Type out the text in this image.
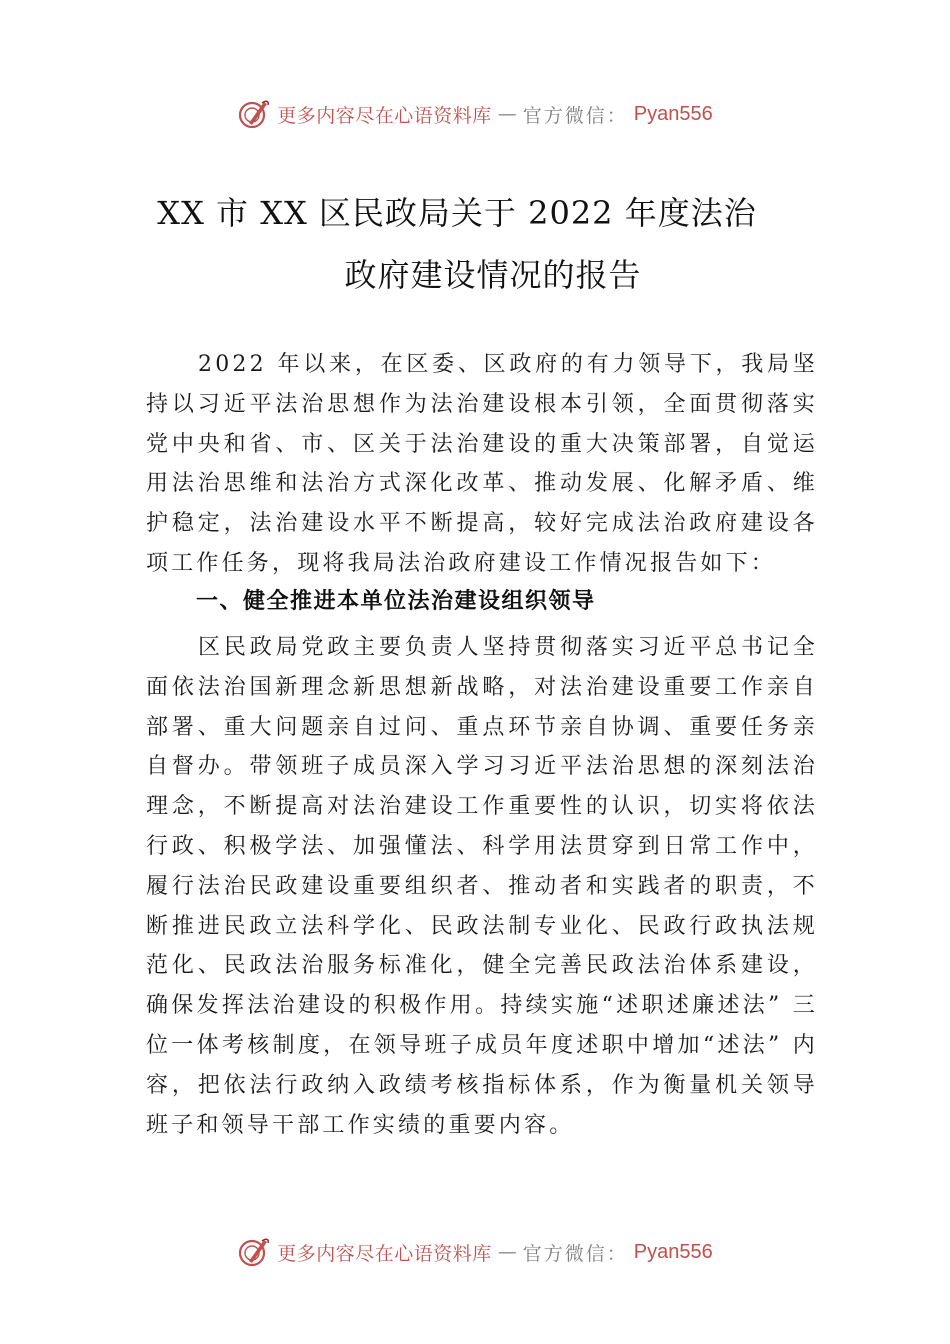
更多内容尽在心语资料库 — 官方微信： Pyan556
XX 市 XX 区民政局关于 2022 年度法治
政府建设情况的报告
2022 年以来，在区委、区政府的有力领导下，我局坚持以习近平法治思想作为法治建设根本引领，全面贯彻落实党中央和省、市、区关于法治建设的重大决策部署，自觉运用法治思维和法治方式深化改革、推动发展、化解矛盾、维护稳定，法治建设水平不断提高，较好完成法治政府建设各项工作任务，现将我局法治政府建设工作情况报告如下：
一、健全推进本单位法治建设组织领导
区民政局党政主要负责人坚持贯彻落实习近平总书记全面依法治国新理念新思想新战略，对法治建设重要工作亲自部署、重大问题亲自过问、重点环节亲自协调、重要任务亲自督办。带领班子成员深入学习习近平法治思想的深刻法治理念，不断提高对法治建设工作重要性的认识，切实将依法行政、积极学法、加强懂法、科学用法贯穿到日常工作中，履行法治民政建设重要组织者、推动者和实践者的职责，不断推进民政立法科学化、民政法制专业化、民政行政执法规范化、民政法治服务标准化，健全完善民政法治体系建设， 确保发挥法治建设的积极作用。持续实施“述职述廉述法” 三位一体考核制度，在领导班子成员年度述职中增加“述法” 内容，把依法行政纳入政绩考核指标体系，作为衡量机关领导班子和领导干部工作实绩的重要内容。
更多内容尽在心语资料库 — 官方微信： Pyan556
